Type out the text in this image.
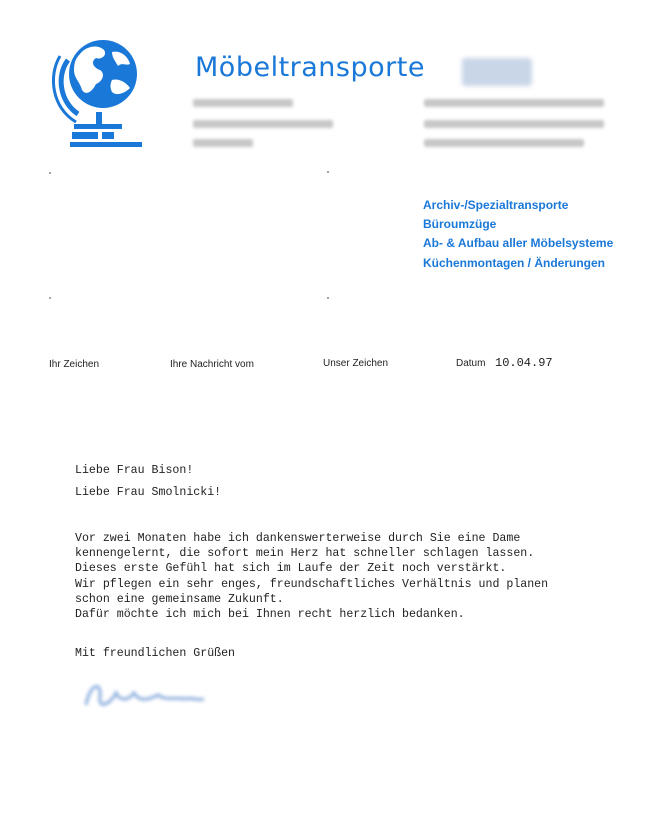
Möbeltransporte
Archiv-/Spezialtransporte
Büroumzüge
Ab- & Aufbau aller Möbelsysteme
Küchenmontagen / Änderungen
Ihr Zeichen	Ihre Nachricht vom	Unser Zeichen	Datum 10.04.97
Liebe Frau Bison!
Liebe Frau Smolnicki!
Vor zwei Monaten habe ich dankenswerterweise durch Sie eine Dame
kennengelernt, die sofort mein Herz hat schneller schlagen lassen.
Dieses erste Gefühl hat sich im Laufe der Zeit noch verstärkt.
Wir pflegen ein sehr enges, freundschaftliches Verhältnis und planen
schon eine gemeinsame Zukunft.
Dafür möchte ich mich bei Ihnen recht herzlich bedanken.
Mit freundlichen Grüßen
